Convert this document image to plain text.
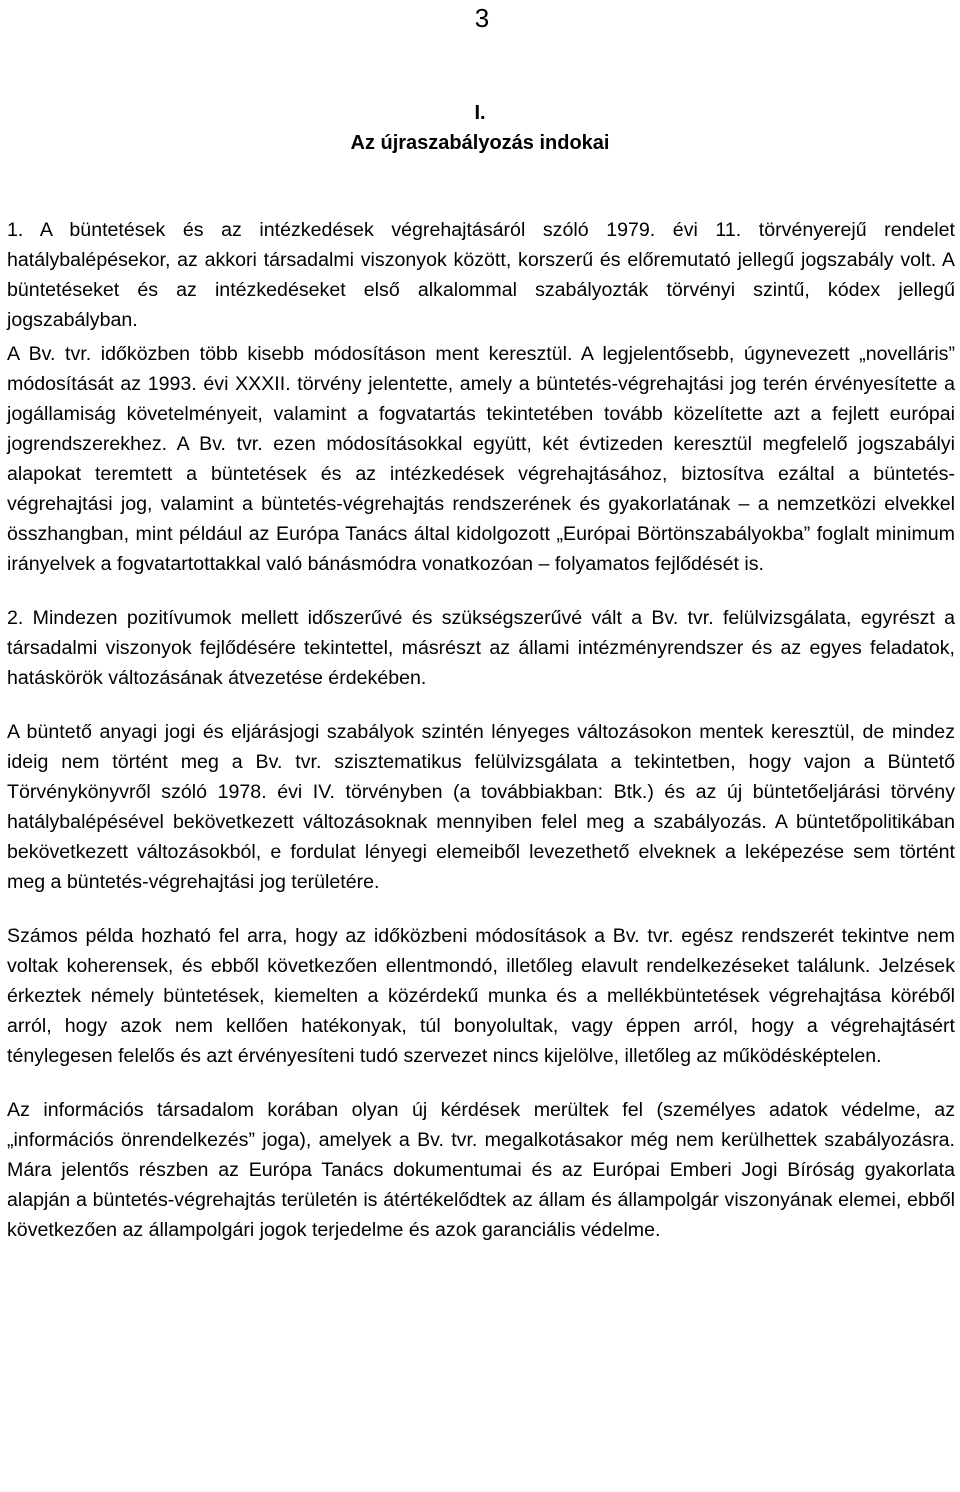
3
I.
Az újraszabályozás indokai

1. A büntetések és az intézkedések végrehajtásáról szóló 1979. évi 11. törvényerejű rendelet hatálybalépésekor, az akkori társadalmi viszonyok között, korszerű és előremutató jellegű jogszabály volt. A büntetéseket és az intézkedéseket első alkalommal szabályozták törvényi szintű, kódex jellegű jogszabályban.

A Bv. tvr. időközben több kisebb módosításon ment keresztül. A legjelentősebb, úgynevezett „novelláris” módosítását az 1993. évi XXXII. törvény jelentette, amely a büntetés-végrehajtási jog terén érvényesítette a jogállamiság követelményeit, valamint a fogvatartás tekintetében tovább közelítette azt a fejlett európai jogrendszerekhez. A Bv. tvr. ezen módosításokkal együtt, két évtizeden keresztül megfelelő jogszabályi alapokat teremtett a büntetések és az intézkedések végrehajtásához, biztosítva ezáltal a büntetés-végrehajtási jog, valamint a büntetés-végrehajtás rendszerének és gyakorlatának – a nemzetközi elvekkel összhangban, mint például az Európa Tanács által kidolgozott „Európai Börtönszabályokba” foglalt minimum irányelvek a fogvatartottakkal való bánásmódra vonatkozóan – folyamatos fejlődését is.

2. Mindezen pozitívumok mellett időszerűvé és szükségszerűvé vált a Bv. tvr. felülvizsgálata, egyrészt a társadalmi viszonyok fejlődésére tekintettel, másrészt az állami intézményrendszer és az egyes feladatok, hatáskörök változásának átvezetése érdekében.

A büntető anyagi jogi és eljárásjogi szabályok szintén lényeges változásokon mentek keresztül, de mindez ideig nem történt meg a Bv. tvr. szisztematikus felülvizsgálata a tekintetben, hogy vajon a Büntető Törvénykönyvről szóló 1978. évi IV. törvényben (a továbbiakban: Btk.) és az új büntetőeljárási törvény hatálybalépésével bekövetkezett változásoknak mennyiben felel meg a szabályozás. A büntetőpolitikában bekövetkezett változásokból, e fordulat lényegi elemeiből levezethető elveknek a leképezése sem történt meg a büntetés-végrehajtási jog területére.

Számos példa hozható fel arra, hogy az időközbeni módosítások a Bv. tvr. egész rendszerét tekintve nem voltak koherensek, és ebből következően ellentmondó, illetőleg elavult rendelkezéseket találunk. Jelzések érkeztek némely büntetések, kiemelten a közérdekű munka és a mellékbüntetések végrehajtása köréből arról, hogy azok nem kellően hatékonyak, túl bonyolultak, vagy éppen arról, hogy a végrehajtásért ténylegesen felelős és azt érvényesíteni tudó szervezet nincs kijelölve, illetőleg az működésképtelen.

Az információs társadalom korában olyan új kérdések merültek fel (személyes adatok védelme, az „információs önrendelkezés” joga), amelyek a Bv. tvr. megalkotásakor még nem kerülhettek szabályozásra. Mára jelentős részben az Európa Tanács dokumentumai és az Európai Emberi Jogi Bíróság gyakorlata alapján a büntetés-végrehajtás területén is átértékelődtek az állam és állampolgár viszonyának elemei, ebből következően az állampolgári jogok terjedelme és azok garanciális védelme.
